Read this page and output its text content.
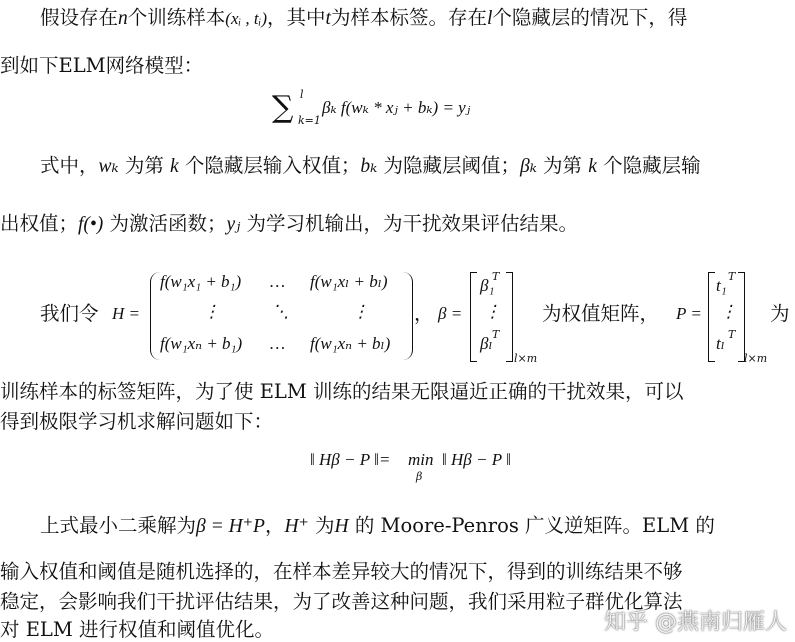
假设存在n个训练样本(xᵢ , tᵢ)，其中t为样本标签。存在l个隐藏层的情况下，得
到如下ELM网络模型：
∑ l
k=1
βₖ f(wₖ * xⱼ + bₖ) = yⱼ
式中，wₖ 为第 k 个隐藏层输入权值；bₖ 为隐藏层阈值；βₖ 为第 k 个隐藏层输
出权值；f(•) 为激活函数；yⱼ 为学习机输出，为干扰效果评估结果。
我们令 H =
f(w₁x₁ + b₁) … f(w₁xₗ + bₗ)
⋮	⋱	⋮
f(w₁xₙ + b₁) … f(w₁xₙ + bₗ)
， β =
β₁
T
⋮
βₗ T
l×m
为权值矩阵， P =
t₁ T
⋮
tₗ T
l×m
为
训练样本的标签矩阵，为了使 ELM 训练的结果无限逼近正确的干扰效果，可以
得到极限学习机求解问题如下：
‖ Hβ − P ‖= min
β
‖ Hβ − P ‖
上式最小二乘解为β = H⁺P，H⁺ 为H 的 Moore-Penros 广义逆矩阵。ELM 的
输入权值和阈值是随机选择的，在样本差异较大的情况下，得到的训练结果不够
稳定，会影响我们干扰评估结果，为了改善这种问题，我们采用粒子群优化算法
对 ELM 进行权值和阈值优化。	知乎 @燕南归雁人
